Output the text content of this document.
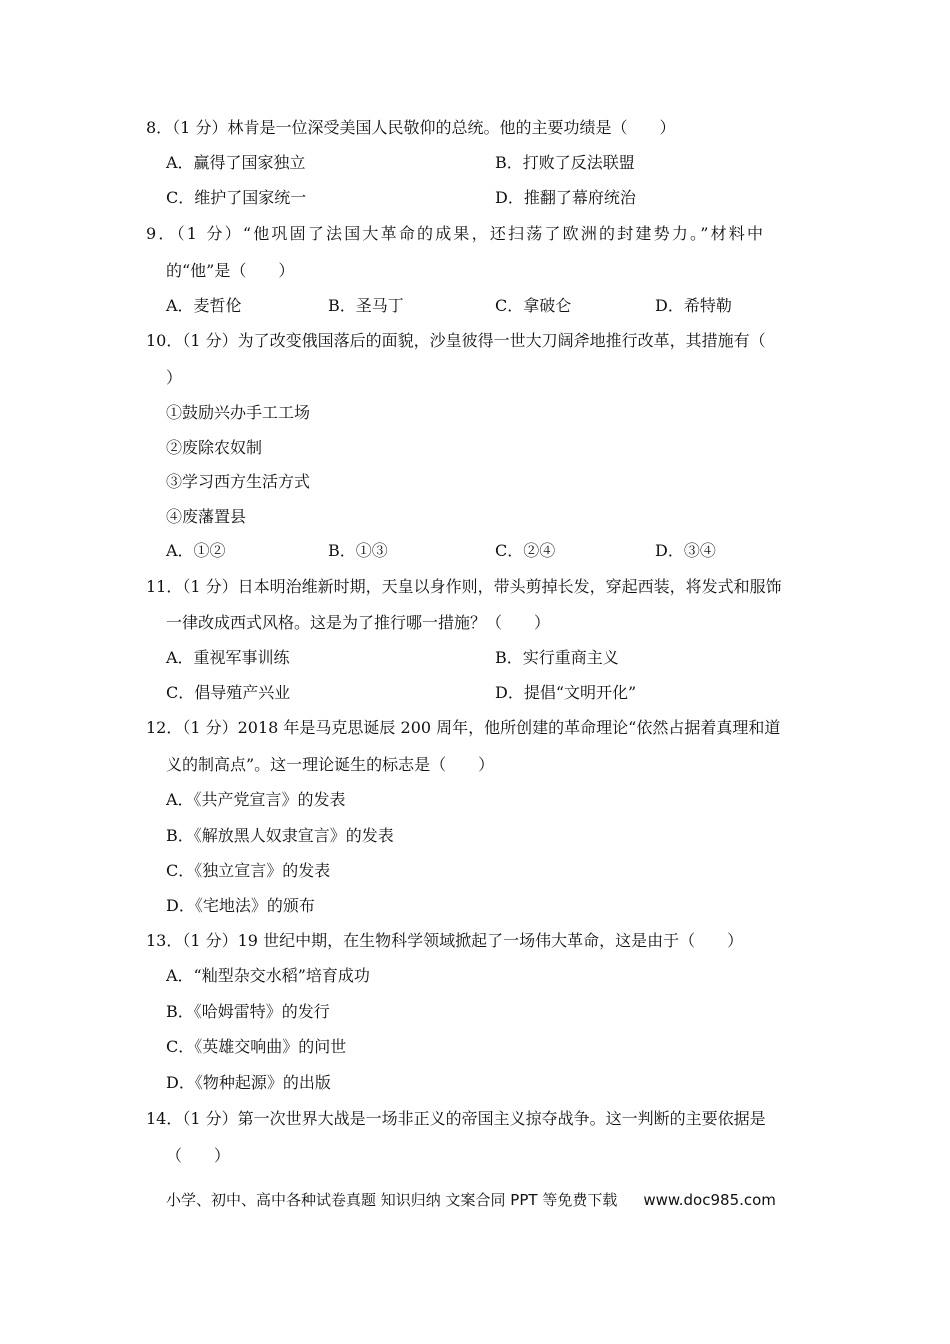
8．（1 分）林肯是一位深受美国人民敬仰的总统。他的主要功绩是（　　）
A．赢得了国家独立	B．打败了反法联盟
C．维护了国家统一	D．推翻了幕府统治
9．（1 分）“他巩固了法国大革命的成果，还扫荡了欧洲的封建势力。”材料中
的“他”是（　　）
A．麦哲伦	B．圣马丁	C．拿破仑	D．希特勒
10．（1 分）为了改变俄国落后的面貌，沙皇彼得一世大刀阔斧地推行改革，其措施有（
）
①鼓励兴办手工工场
②废除农奴制
③学习西方生活方式
④废藩置县
A．①②	B．①③	C．②④	D．③④
11．（1 分）日本明治维新时期，天皇以身作则，带头剪掉长发，穿起西装，将发式和服饰
一律改成西式风格。这是为了推行哪一措施？（　　）
A．重视军事训练	B．实行重商主义
C．倡导殖产兴业	D．提倡“文明开化”
12．（1 分）2018 年是马克思诞辰 200 周年，他所创建的革命理论“依然占据着真理和道
义的制高点”。这一理论诞生的标志是（　　）
A．《共产党宣言》的发表
B．《解放黑人奴隶宣言》的发表
C．《独立宣言》的发表
D．《宅地法》的颁布
13．（1 分）19 世纪中期，在生物科学领域掀起了一场伟大革命，这是由于（　　）
A．“籼型杂交水稻”培育成功
B．《哈姆雷特》的发行
C．《英雄交响曲》的问世
D．《物种起源》的出版
14．（1 分）第一次世界大战是一场非正义的帝国主义掠夺战争。这一判断的主要依据是
（　　）
小学、初中、高中各种试卷真题 知识归纳 文案合同 PPT 等免费下载 www.doc985.com
